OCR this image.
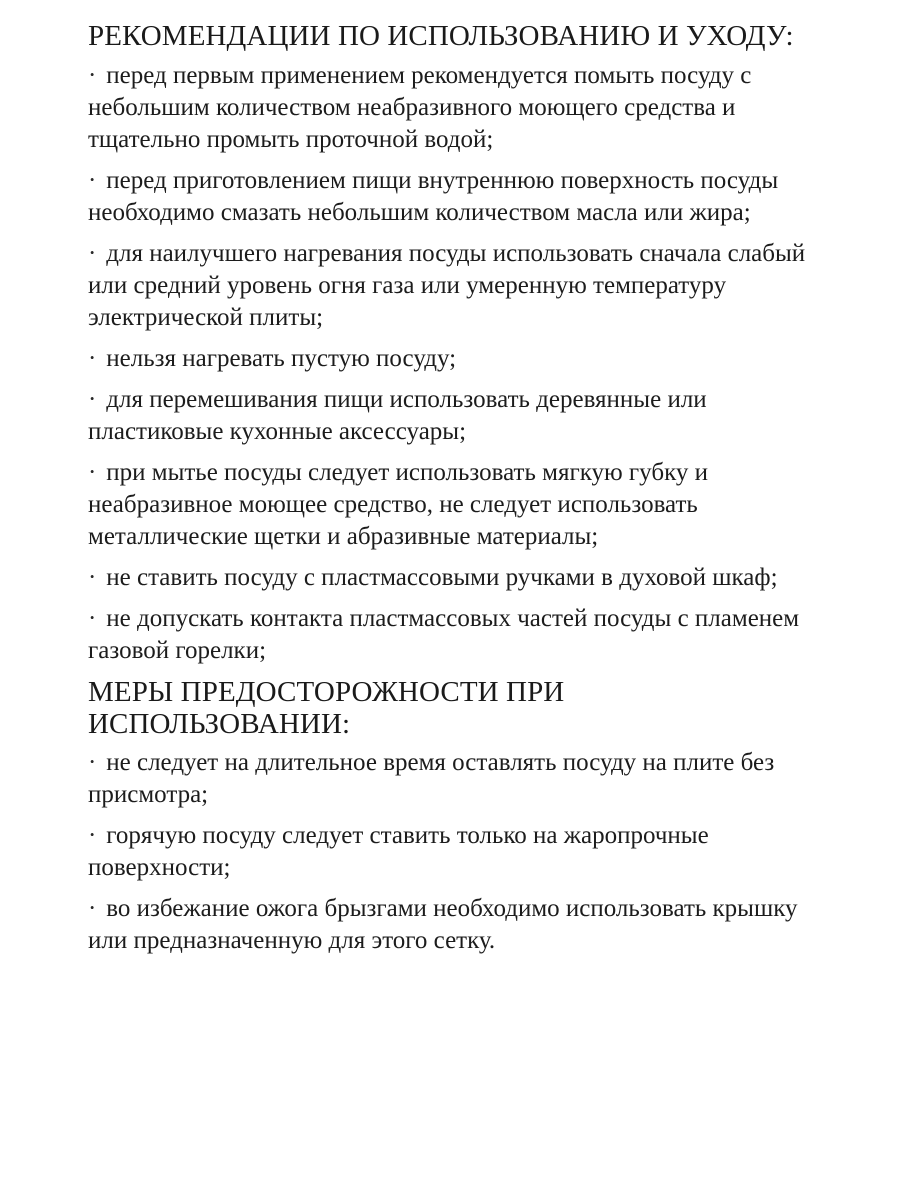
РЕКОМЕНДАЦИИ ПО ИСПОЛЬЗОВАНИЮ И УХОДУ:
· перед первым применением рекомендуется помыть посуду с небольшим количеством неабразивного моющего средства и тщательно промыть проточной водой;
· перед приготовлением пищи внутреннюю поверхность посуды необходимо смазать небольшим количеством масла или жира;
· для наилучшего нагревания посуды использовать сначала слабый или средний уровень огня газа или умеренную температуру электрической плиты;
· нельзя нагревать пустую посуду;
· для перемешивания пищи использовать деревянные или пластиковые кухонные аксессуары;
· при мытье посуды следует использовать мягкую губку и неабразивное моющее средство, не следует использовать металлические щетки и абразивные материалы;
· не ставить посуду с пластмассовыми ручками в духовой шкаф;
· не допускать контакта пластмассовых частей посуды с пламенем газовой горелки;
МЕРЫ ПРЕДОСТОРОЖНОСТИ ПРИ ИСПОЛЬЗОВАНИИ:
· не следует на длительное время оставлять посуду на плите без присмотра;
· горячую посуду следует ставить только на жаропрочные поверхности;
· во избежание ожога брызгами необходимо использовать крышку или предназначенную для этого сетку.
